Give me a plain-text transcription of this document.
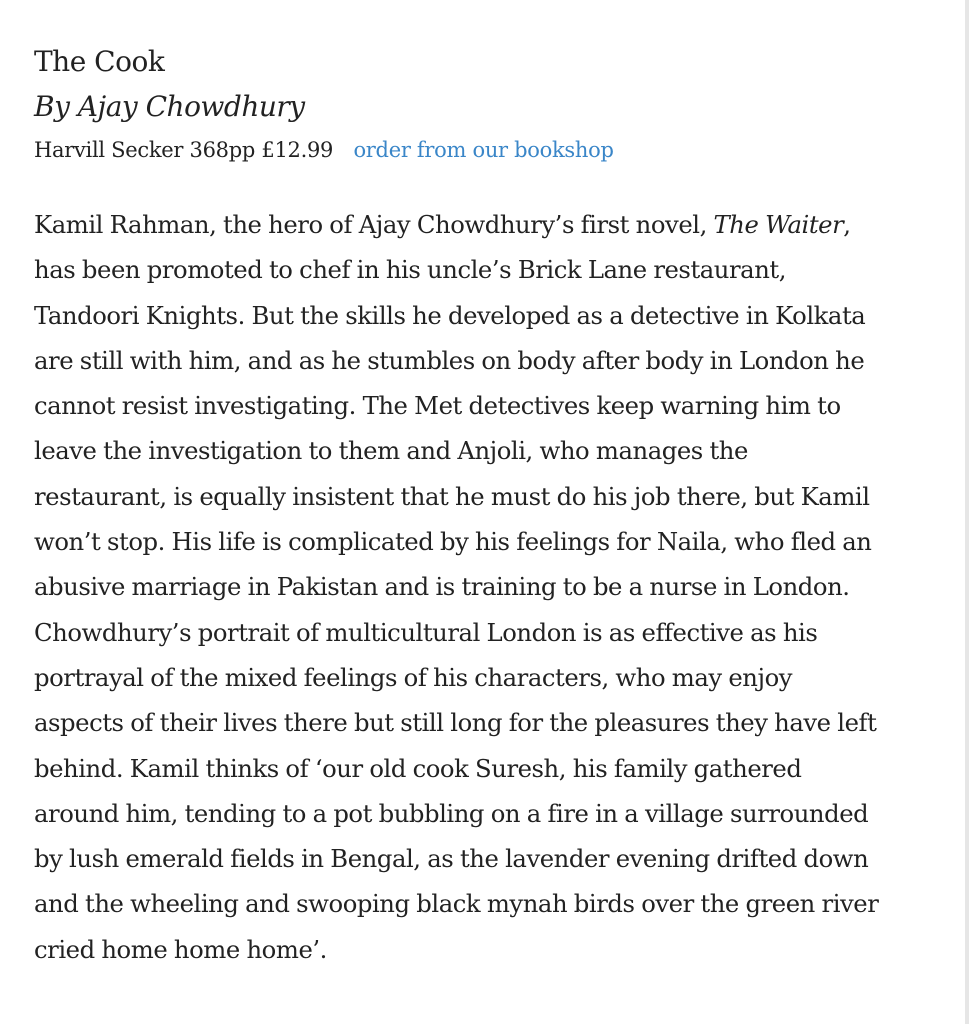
The Cook

By Ajay Chowdhury

Harvill Secker 368pp £12.99 order from our bookshop

Kamil Rahman, the hero of Ajay Chowdhury’s first novel, The Waiter,
has been promoted to chef in his uncle’s Brick Lane restaurant,
Tandoori Knights. But the skills he developed as a detective in Kolkata
are still with him, and as he stumbles on body after body in London he
cannot resist investigating. The Met detectives keep warning him to
leave the investigation to them and Anjoli, who manages the
restaurant, is equally insistent that he must do his job there, but Kamil
won’t stop. His life is complicated by his feelings for Naila, who fled an
abusive marriage in Pakistan and is training to be a nurse in London.
Chowdhury’s portrait of multicultural London is as effective as his
portrayal of the mixed feelings of his characters, who may enjoy
aspects of their lives there but still long for the pleasures they have left
behind. Kamil thinks of ‘our old cook Suresh, his family gathered
around him, tending to a pot bubbling on a fire in a village surrounded
by lush emerald fields in Bengal, as the lavender evening drifted down
and the wheeling and swooping black mynah birds over the green river
cried home home home’.
